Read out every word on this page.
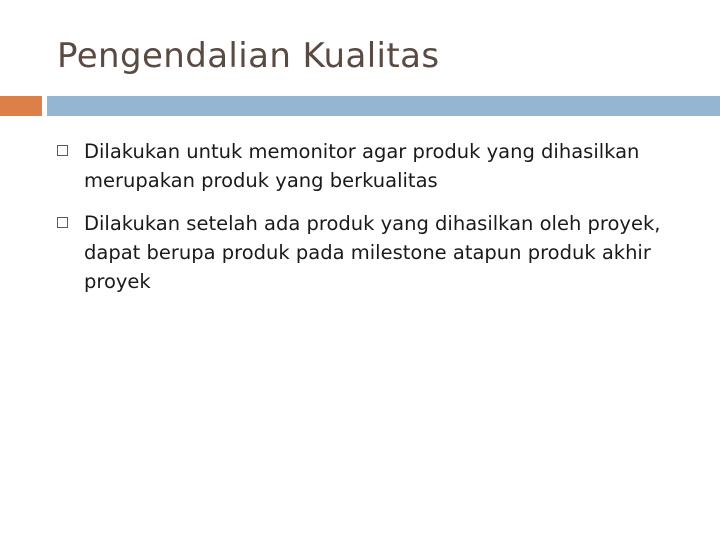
Pengendalian Kualitas
Dilakukan untuk memonitor agar produk yang dihasilkan merupakan produk yang berkualitas
Dilakukan setelah ada produk yang dihasilkan oleh proyek, dapat berupa produk pada milestone atapun produk akhir proyek
